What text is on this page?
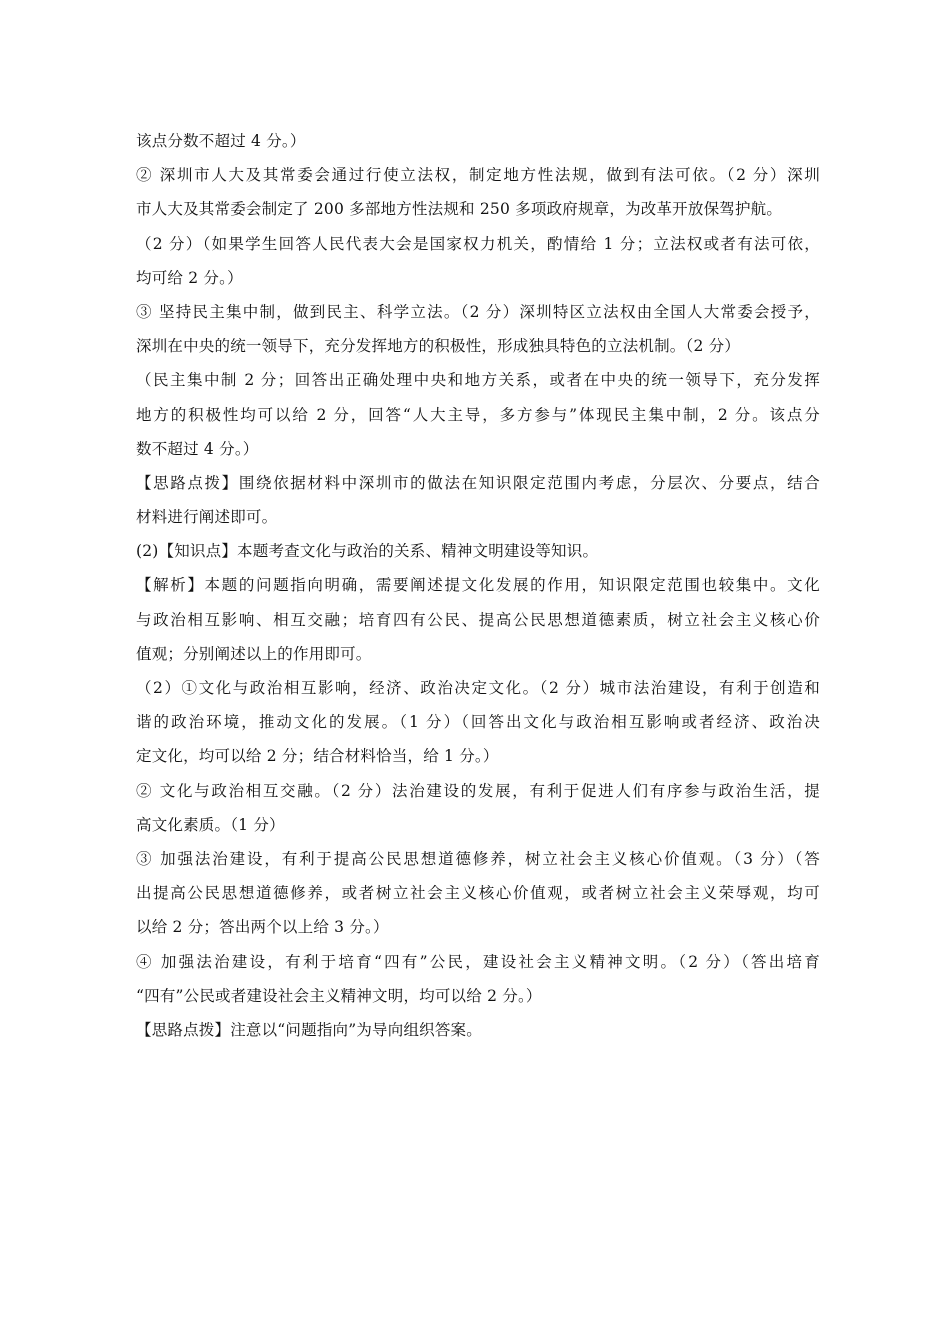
该点分数不超过 4 分。）
② 深圳市人大及其常委会通过行使立法权，制定地方性法规，做到有法可依。（2 分）深圳
市人大及其常委会制定了 200 多部地方性法规和 250 多项政府规章，为改革开放保驾护航。
（2 分）（如果学生回答人民代表大会是国家权力机关，酌情给 1 分；立法权或者有法可依，
均可给 2 分。）
③ 坚持民主集中制，做到民主、科学立法。（2 分）深圳特区立法权由全国人大常委会授予，
深圳在中央的统一领导下，充分发挥地方的积极性，形成独具特色的立法机制。（2 分）
（民主集中制 2 分；回答出正确处理中央和地方关系，或者在中央的统一领导下，充分发挥
地方的积极性均可以给 2 分，回答“人大主导，多方参与”体现民主集中制，2 分。该点分
数不超过 4 分。）
【思路点拨】围绕依据材料中深圳市的做法在知识限定范围内考虑，分层次、分要点，结合
材料进行阐述即可。
(2)【知识点】本题考查文化与政治的关系、精神文明建设等知识。
【解析】本题的问题指向明确，需要阐述提文化发展的作用，知识限定范围也较集中。文化
与政治相互影响、相互交融；培育四有公民、提高公民思想道德素质，树立社会主义核心价
值观；分别阐述以上的作用即可。
（2）①文化与政治相互影响，经济、政治决定文化。（2 分）城市法治建设，有利于创造和
谐的政治环境，推动文化的发展。（1 分）（回答出文化与政治相互影响或者经济、政治决
定文化，均可以给 2 分；结合材料恰当，给 1 分。）
② 文化与政治相互交融。（2 分）法治建设的发展，有利于促进人们有序参与政治生活，提
高文化素质。（1 分）
③ 加强法治建设，有利于提高公民思想道德修养，树立社会主义核心价值观。（3 分）（答
出提高公民思想道德修养，或者树立社会主义核心价值观，或者树立社会主义荣辱观，均可
以给 2 分；答出两个以上给 3 分。）
④ 加强法治建设，有利于培育“四有”公民，建设社会主义精神文明。（2 分）（答出培育
“四有”公民或者建设社会主义精神文明，均可以给 2 分。）
【思路点拨】注意以“问题指向”为导向组织答案。
